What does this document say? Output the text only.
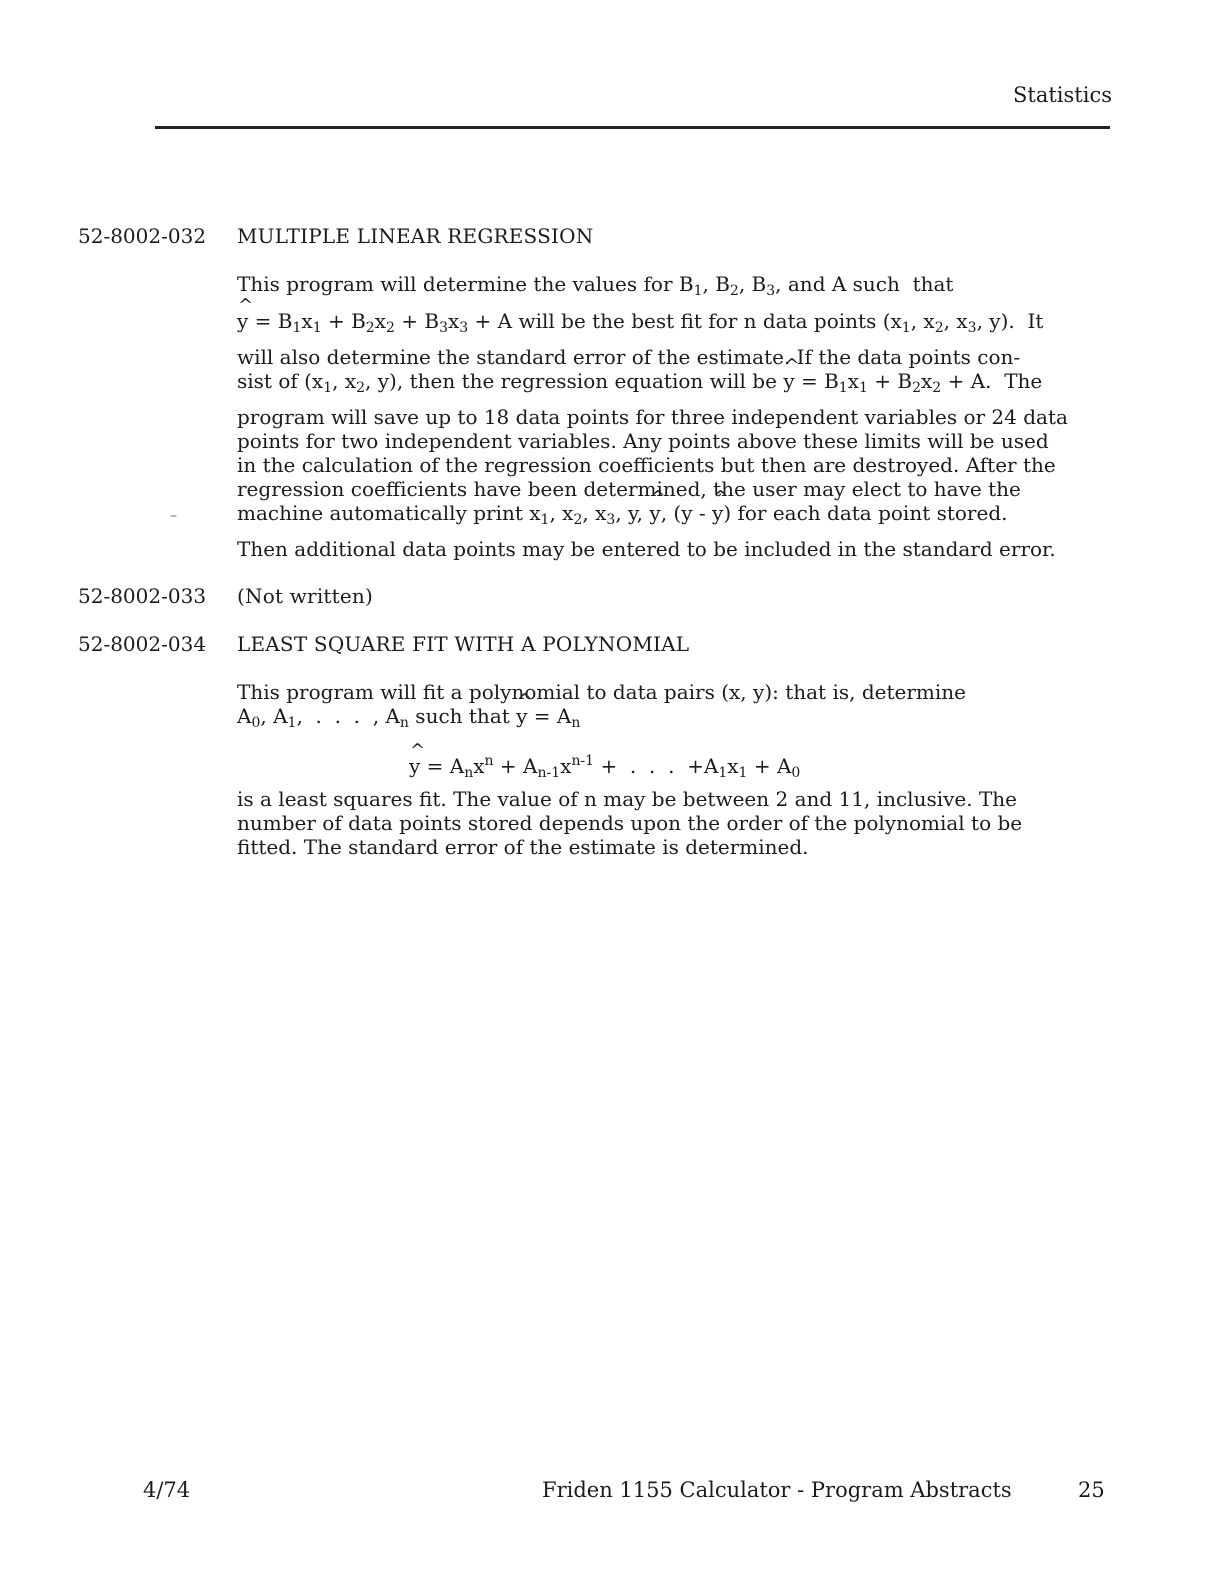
Statistics
52-8002-032 MULTIPLE LINEAR REGRESSION
This program will determine the values for $B_1$, $B_2$, $B_3$, and A such  that
^ $y = B_1x_1 + B_2x_2 + B_3x_3 + A$ will be the best fit for n data points ($x_1$, $x_2$, $x_3$, y).  It
will also determine the standard error of the estimate. If the data points con-
sist of ($x_1$, $x_2$, y), then the regression equation will be ^ $y = B_1x_1 + B_2x_2 + A$.  The
program will save up to 18 data points for three independent variables or 24 data
points for two independent variables. Any points above these limits will be used
in the calculation of the regression coefficients but then are destroyed. After the
regression coefficients have been determined, the user may elect to have the
machine automatically print $x_1$, $x_2$, $x_3$, y, ^ y, (y - ^ y) for each data point stored.
Then additional data points may be entered to be included in the standard error.
–
52-8002-033 (Not written)
52-8002-034 LEAST SQUARE FIT WITH A POLYNOMIAL
This program will fit a polynomial to data pairs (x, y): that is, determine
$A_0$, $A_1$,  .  .  .  , $A_n$ such that ^ $y = A_n$
^ $y = A_nx^n + A_{n-1}x^{n-1}$ +  .  .  .  $+A_1x_1 + A_0$
is a least squares fit. The value of n may be between 2 and 11, inclusive. The
number of data points stored depends upon the order of the polynomial to be
fitted. The standard error of the estimate is determined.
4/74	Friden 1155 Calculator - Program Abstracts	25
